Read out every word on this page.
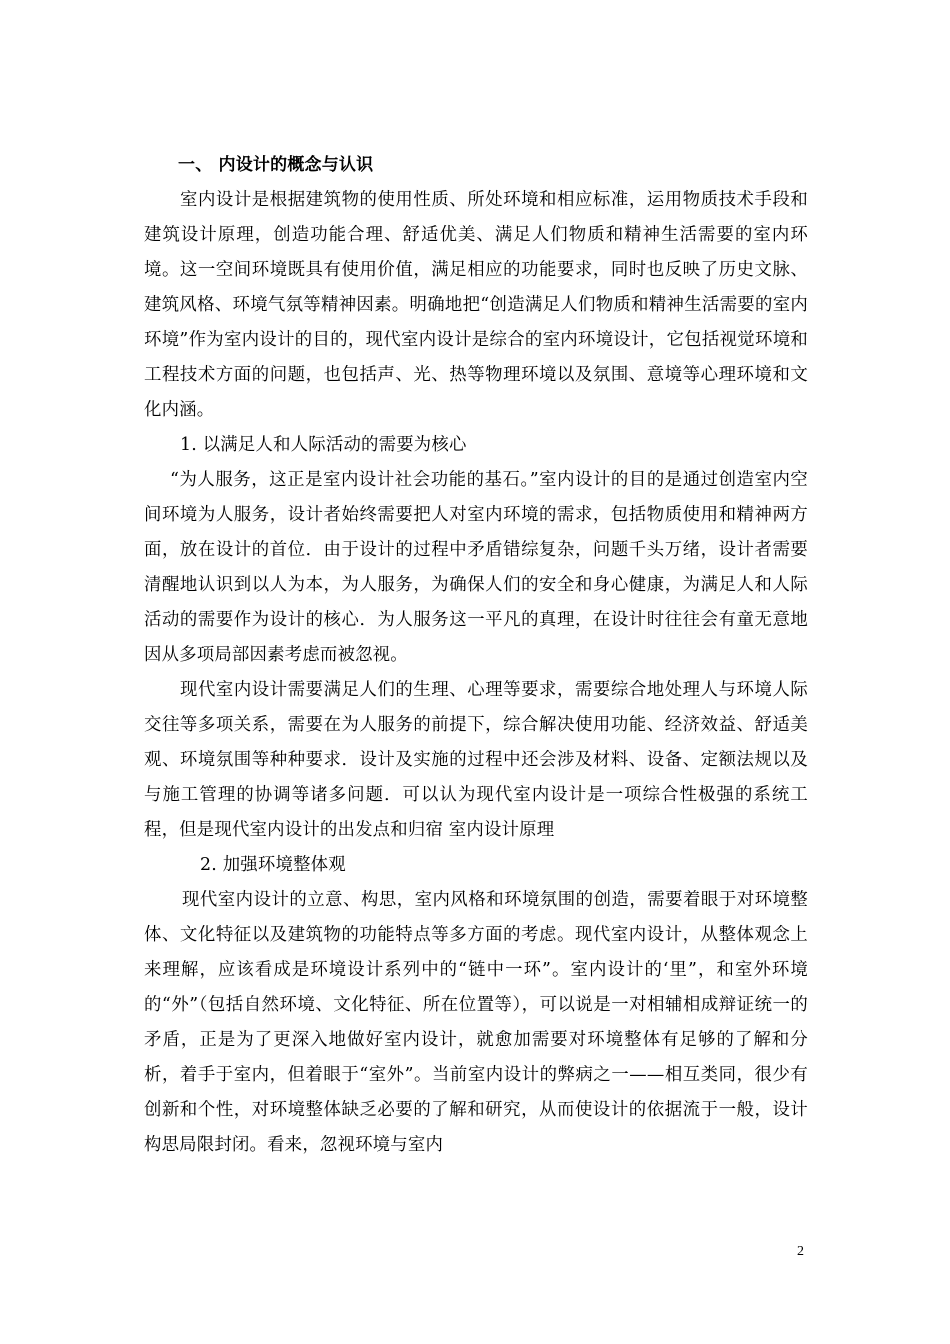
一、 内设计的概念与认识

室内设计是根据建筑物的使用性质、所处环境和相应标准，运用物质技术手段和建筑设计原理，创造功能合理、舒适优美、满足人们物质和精神生活需要的室内环境。这一空间环境既具有使用价值，满足相应的功能要求，同时也反映了历史文脉、建筑风格、环境气氛等精神因素。明确地把“创造满足人们物质和精神生活需要的室内环境”作为室内设计的目的，现代室内设计是综合的室内环境设计，它包括视觉环境和工程技术方面的问题，也包括声、光、热等物理环境以及氛围、意境等心理环境和文化内涵。

1. 以满足人和人际活动的需要为核心

“为人服务，这正是室内设计社会功能的基石。”室内设计的目的是通过创造室内空间环境为人服务，设计者始终需要把人对室内环境的需求，包括物质使用和精神两方面，放在设计的首位．由于设计的过程中矛盾错综复杂，问题千头万绪，设计者需要清醒地认识到以人为本，为人服务，为确保人们的安全和身心健康，为满足人和人际活动的需要作为设计的核心．为人服务这一平凡的真理，在设计时往往会有童无意地因从多项局部因素考虑而被忽视。

现代室内设计需要满足人们的生理、心理等要求，需要综合地处理人与环境人际交往等多项关系，需要在为人服务的前提下，综合解决使用功能、经济效益、舒适美观、环境氛围等种种要求．设计及实施的过程中还会涉及材料、设备、定额法规以及与施工管理的协调等诸多问题．可以认为现代室内设计是一项综合性极强的系统工程，但是现代室内设计的出发点和归宿 室内设计原理

2. 加强环境整体观

现代室内设计的立意、构思，室内风格和环境氛围的创造，需要着眼于对环境整体、文化特征以及建筑物的功能特点等多方面的考虑。现代室内设计，从整体观念上来理解，应该看成是环境设计系列中的“链中一环”。室内设计的‘里”，和室外环境的“外”（包括自然环境、文化特征、所在位置等），可以说是一对相辅相成辩证统一的矛盾，正是为了更深入地做好室内设计，就愈加需要对环境整体有足够的了解和分析，着手于室内，但着眼于“室外”。当前室内设计的弊病之一——相互类同，很少有创新和个性，对环境整体缺乏必要的了解和研究，从而使设计的依据流于一般，设计构思局限封闭。看来，忽视环境与室内

2
